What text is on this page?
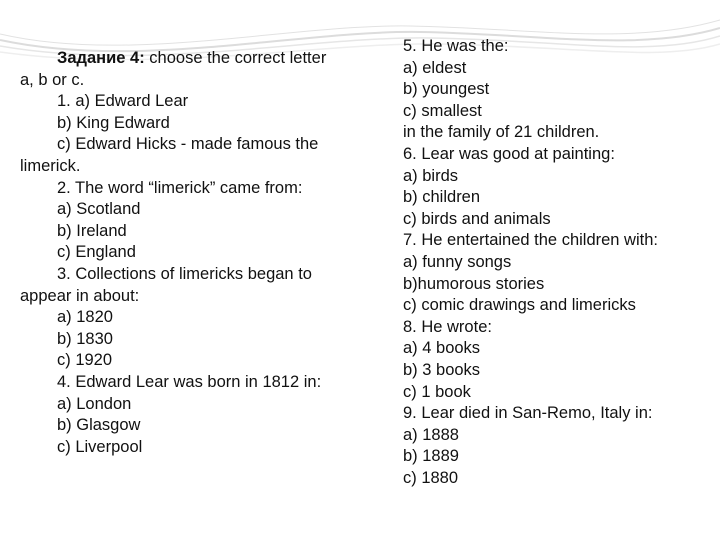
Задание 4: choose the correct letter
a, b or c.
1. a) Edward Lear
b) King Edward
c) Edward Hicks - made famous the
limerick.
2. The word “limerick” came from:
a) Scotland
b) Ireland
c) England
3. Collections of limericks began to
appear in about:
a) 1820
b) 1830
c) 1920
4. Edward Lear was born in 1812 in:
a) London
b) Glasgow
c) Liverpool
5. He was the:
a) eldest
b) youngest
c) smallest
in the family of 21 children.
6. Lear was good at painting:
a) birds
b) children
c) birds and animals
7. He entertained the children with:
a) funny songs
b)humorous stories
c) comic drawings and limericks
8. He wrote:
a) 4 books
b) 3 books
c) 1 book
9. Lear died in San-Remo, Italy in:
a) 1888
b) 1889
c) 1880
